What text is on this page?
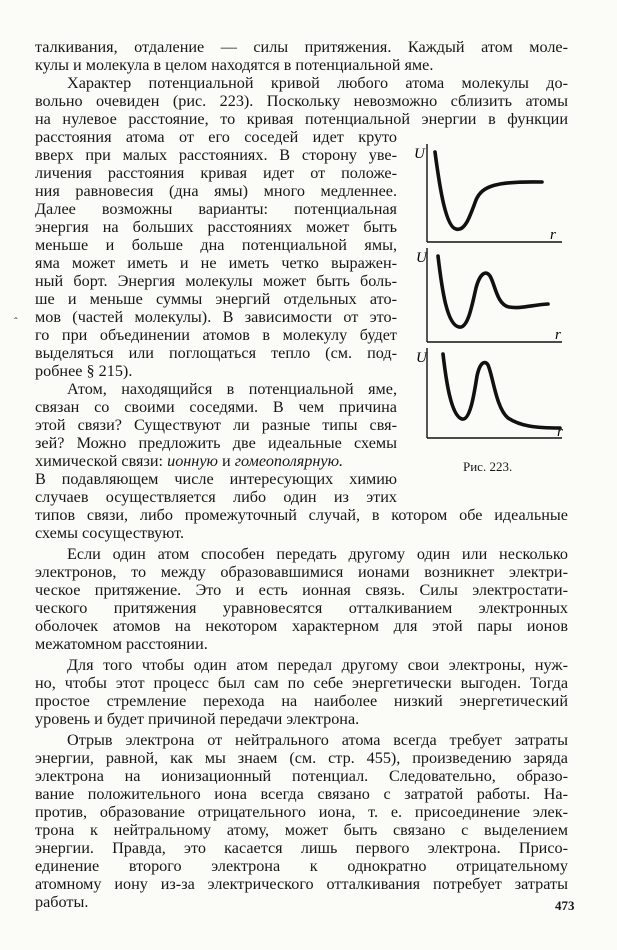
талкивания, отдаление — силы притяжения. Каждый атом моле-
кулы и молекула в целом находятся в потенциальной яме.
Характер потенциальной кривой любого атома молекулы до-
вольно очевиден (рис. 223). Поскольку невозможно сблизить атомы
на нулевое расстояние, то кривая потенциальной энергии в функции
расстояния атома от его соседей идет круто
вверх при малых расстояниях. В сторону уве-
личения расстояния кривая идет от положе-
ния равновесия (дна ямы) много медленнее.
Далее возможны варианты: потенциальная
энергия на больших расстояниях может быть
меньше и больше дна потенциальной ямы,
яма может иметь и не иметь четко выражен-
ный борт. Энергия молекулы может быть боль-
ше и меньше суммы энергий отдельных ато-
мов (частей молекулы). В зависимости от это-
го при объединении атомов в молекулу будет
выделяться или поглощаться тепло (см. под-
робнее § 215).
Атом, находящийся в потенциальной яме,
связан со своими соседями. В чем причина
этой связи? Существуют ли разные типы свя-
зей? Можно предложить две идеальные схемы
химической связи: ионную и гомеополярную.
В подавляющем числе интересующих химию
случаев осуществляется либо один из этих
типов связи, либо промежуточный случай, в котором обе идеальные
схемы сосуществуют.
Если один атом способен передать другому один или несколько
электронов, то между образовавшимися ионами возникнет электри-
ческое притяжение. Это и есть ионная связь. Силы электростати-
ческого притяжения уравновесятся отталкиванием электронных
оболочек атомов на некотором характерном для этой пары ионов
межатомном расстоянии.
Для того чтобы один атом передал другому свои электроны, нуж-
но, чтобы этот процесс был сам по себе энергетически выгоден. Тогда
простое стремление перехода на наиболее низкий энергетический
уровень и будет причиной передачи электрона.
Отрыв электрона от нейтрального атома всегда требует затраты
энергии, равной, как мы знаем (см. стр. 455), произведению заряда
электрона на ионизационный потенциал. Следовательно, образо-
вание положительного иона всегда связано с затратой работы. На-
против, образование отрицательного иона, т. е. присоединение элек-
трона к нейтральному атому, может быть связано с выделением
энергии. Правда, это касается лишь первого электрона. Присо-
единение второго электрона к однократно отрицательному
атомному иону из-за электрического отталкивания потребует затраты
работы.
ˆ
U
r
U
r
U
r
Рис. 223.
473
